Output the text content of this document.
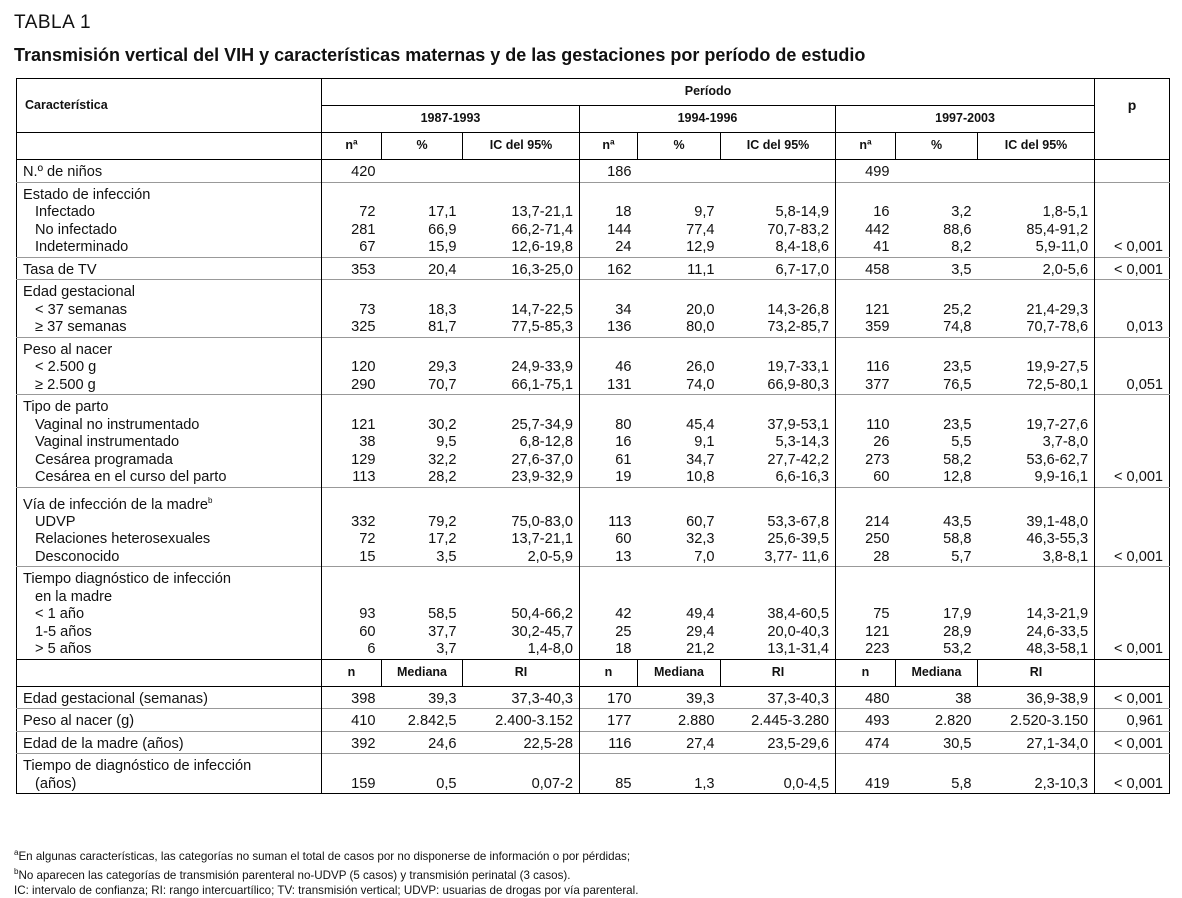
TABLA 1
Transmisión vertical del VIH y características maternas y de las gestaciones por período de estudio
Característica	Período									p
	1987-1993			1994-1996			1997-2003			
	nª	%	IC del 95%	nª	%	IC del 95%	nª	%	IC del 95%	
N.º de niños	420			186			499			
Estado de infección										
Infectado	72	17,1	13,7-21,1	18	9,7	5,8-14,9	16	3,2	1,8-5,1	
No infectado	281	66,9	66,2-71,4	144	77,4	70,7-83,2	442	88,6	85,4-91,2	
Indeterminado	67	15,9	12,6-19,8	24	12,9	8,4-18,6	41	8,2	5,9-11,0	< 0,001
Tasa de TV	353	20,4	16,3-25,0	162	11,1	6,7-17,0	458	3,5	2,0-5,6	< 0,001
Edad gestacional										
< 37 semanas	73	18,3	14,7-22,5	34	20,0	14,3-26,8	121	25,2	21,4-29,3	
≥ 37 semanas	325	81,7	77,5-85,3	136	80,0	73,2-85,7	359	74,8	70,7-78,6	0,013
Peso al nacer										
< 2.500 g	120	29,3	24,9-33,9	46	26,0	19,7-33,1	116	23,5	19,9-27,5	
≥ 2.500 g	290	70,7	66,1-75,1	131	74,0	66,9-80,3	377	76,5	72,5-80,1	0,051
Tipo de parto										
Vaginal no instrumentado	121	30,2	25,7-34,9	80	45,4	37,9-53,1	110	23,5	19,7-27,6	
Vaginal instrumentado	38	9,5	6,8-12,8	16	9,1	5,3-14,3	26	5,5	3,7-8,0	
Cesárea programada	129	32,2	27,6-37,0	61	34,7	27,7-42,2	273	58,2	53,6-62,7	
Cesárea en el curso del parto	113	28,2	23,9-32,9	19	10,8	6,6-16,3	60	12,8	9,9-16,1	< 0,001
Vía de infección de la madre$^b$										
UDVP	332	79,2	75,0-83,0	113	60,7	53,3-67,8	214	43,5	39,1-48,0	
Relaciones heterosexuales	72	17,2	13,7-21,1	60	32,3	25,6-39,5	250	58,8	46,3-55,3	
Desconocido	15	3,5	2,0-5,9	13	7,0	3,77- 11,6	28	5,7	3,8-8,1	< 0,001
Tiempo diagnóstico de infección										
en la madre										
< 1 año	93	58,5	50,4-66,2	42	49,4	38,4-60,5	75	17,9	14,3-21,9	
1-5 años	60	37,7	30,2-45,7	25	29,4	20,0-40,3	121	28,9	24,6-33,5	
> 5 años	6	3,7	1,4-8,0	18	21,2	13,1-31,4	223	53,2	48,3-58,1	< 0,001
	n	Mediana	RI	n	Mediana	RI	n	Mediana	RI	
Edad gestacional (semanas)	398	39,3	37,3-40,3	170	39,3	37,3-40,3	480	38	36,9-38,9	< 0,001
Peso al nacer (g)	410	2.842,5	2.400-3.152	177	2.880	2.445-3.280	493	2.820	2.520-3.150	0,961
Edad de la madre (años)	392	24,6	22,5-28	116	27,4	23,5-29,6	474	30,5	27,1-34,0	< 0,001
Tiempo de diagnóstico de infección										
(años)	159	0,5	0,07-2	85	1,3	0,0-4,5	419	5,8	2,3-10,3	< 0,001
$^a$En algunas características, las categorías no suman el total de casos por no disponerse de información o por pérdidas;
$^b$No aparecen las categorías de transmisión parenteral no-UDVP (5 casos) y transmisión perinatal (3 casos).
IC: intervalo de confianza; RI: rango intercuartílico; TV: transmisión vertical; UDVP: usuarias de drogas por vía parenteral.
